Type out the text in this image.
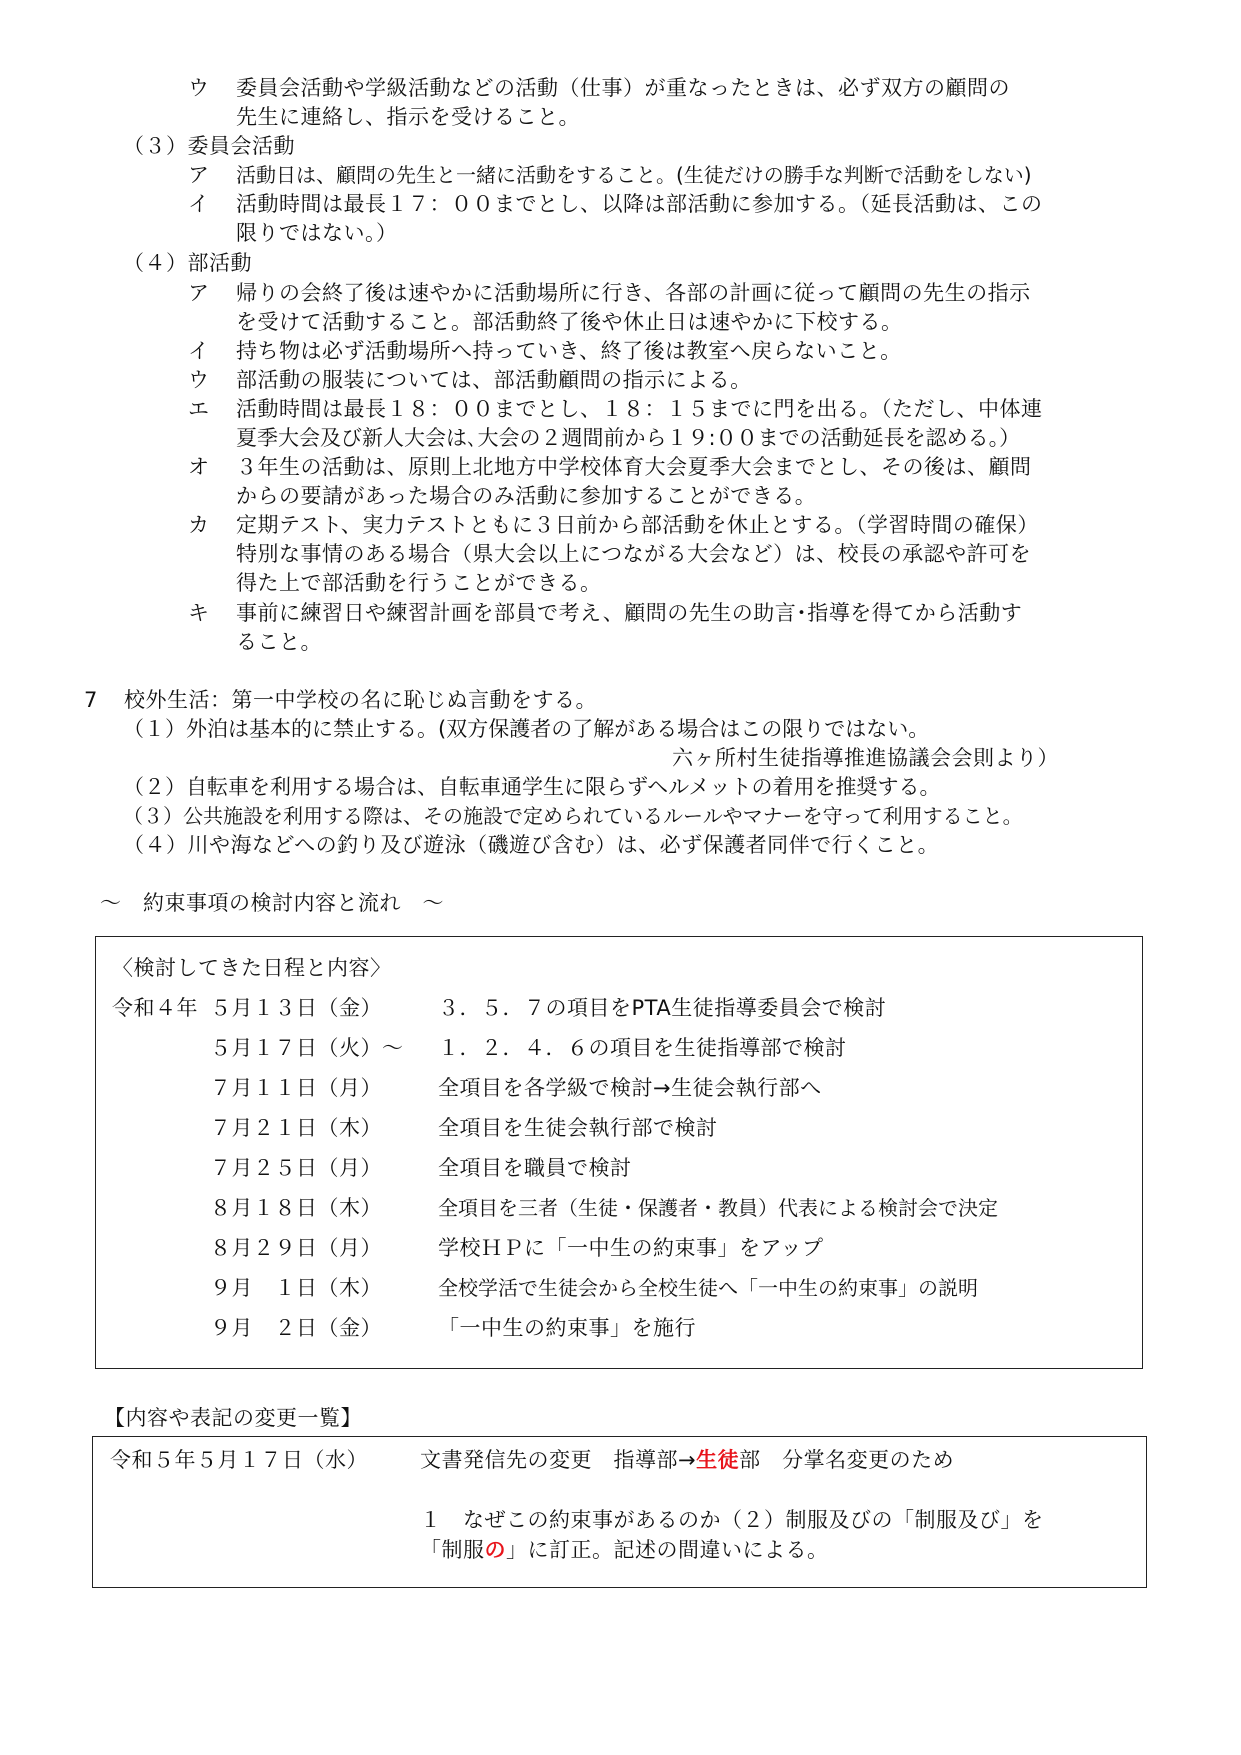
ウ 委員会活動や学級活動などの活動（仕事）が重なったときは、必ず双方の顧問の
先生に連絡し、指示を受けること。
（３）委員会活動
ア 活動日は、顧問の先生と一緒に活動をすること。(生徒だけの勝手な判断で活動をしない)
イ 活動時間は最長１７：００までとし、以降は部活動に参加する。（延長活動は、この
限りではない。）
（４）部活動
ア 帰りの会終了後は速やかに活動場所に行き、各部の計画に従って顧問の先生の指示
を受けて活動すること。部活動終了後や休止日は速やかに下校する。
イ 持ち物は必ず活動場所へ持っていき、終了後は教室へ戻らないこと。
ウ 部活動の服装については、部活動顧問の指示による。
エ 活動時間は最長１８：００までとし、１８：１５までに門を出る。（ただし、中体連
夏季大会及び新人大会は､大会の２週間前から１９:００までの活動延長を認める。）
オ ３年生の活動は、原則上北地方中学校体育大会夏季大会までとし、その後は、顧問
からの要請があった場合のみ活動に参加することができる。
カ 定期テスト、実力テストともに３日前から部活動を休止とする。（学習時間の確保）
特別な事情のある場合（県大会以上につながる大会など）は、校長の承認や許可を
得た上で部活動を行うことができる。
キ 事前に練習日や練習計画を部員で考え、顧問の先生の助言･指導を得てから活動す
ること。
7 校外生活：第一中学校の名に恥じぬ言動をする。
（１）外泊は基本的に禁止する。(双方保護者の了解がある場合はこの限りではない。
六ヶ所村生徒指導推進協議会会則より）
（２）自転車を利用する場合は、自転車通学生に限らずヘルメットの着用を推奨する。
（３）公共施設を利用する際は、その施設で定められているルールやマナーを守って利用すること。
（４）川や海などへの釣り及び遊泳（磯遊び含む）は、必ず保護者同伴で行くこと。
～　約束事項の検討内容と流れ　～
〈検討してきた日程と内容〉
令和４年 ５月１３日（金）	３．５．７の項目をPTA生徒指導委員会で検討
５月１７日（火）〜 １．２．４．６の項目を生徒指導部で検討
７月１１日（月）	全項目を各学級で検討→生徒会執行部へ
７月２１日（木）	全項目を生徒会執行部で検討
７月２５日（月）	全項目を職員で検討
８月１８日（木）	全項目を三者（生徒・保護者・教員）代表による検討会で決定
８月２９日（月）	学校ＨＰに「一中生の約束事」をアップ
９月　１日（木）	全校学活で生徒会から全校生徒へ「一中生の約束事」の説明
９月　２日（金）	「一中生の約束事」を施行
【内容や表記の変更一覧】
令和５年５月１７日（水） 文書発信先の変更　指導部→生徒部　分掌名変更のため
１　なぜこの約束事があるのか（２）制服及びの「制服及び」を
「制服の」に訂正。記述の間違いによる。
